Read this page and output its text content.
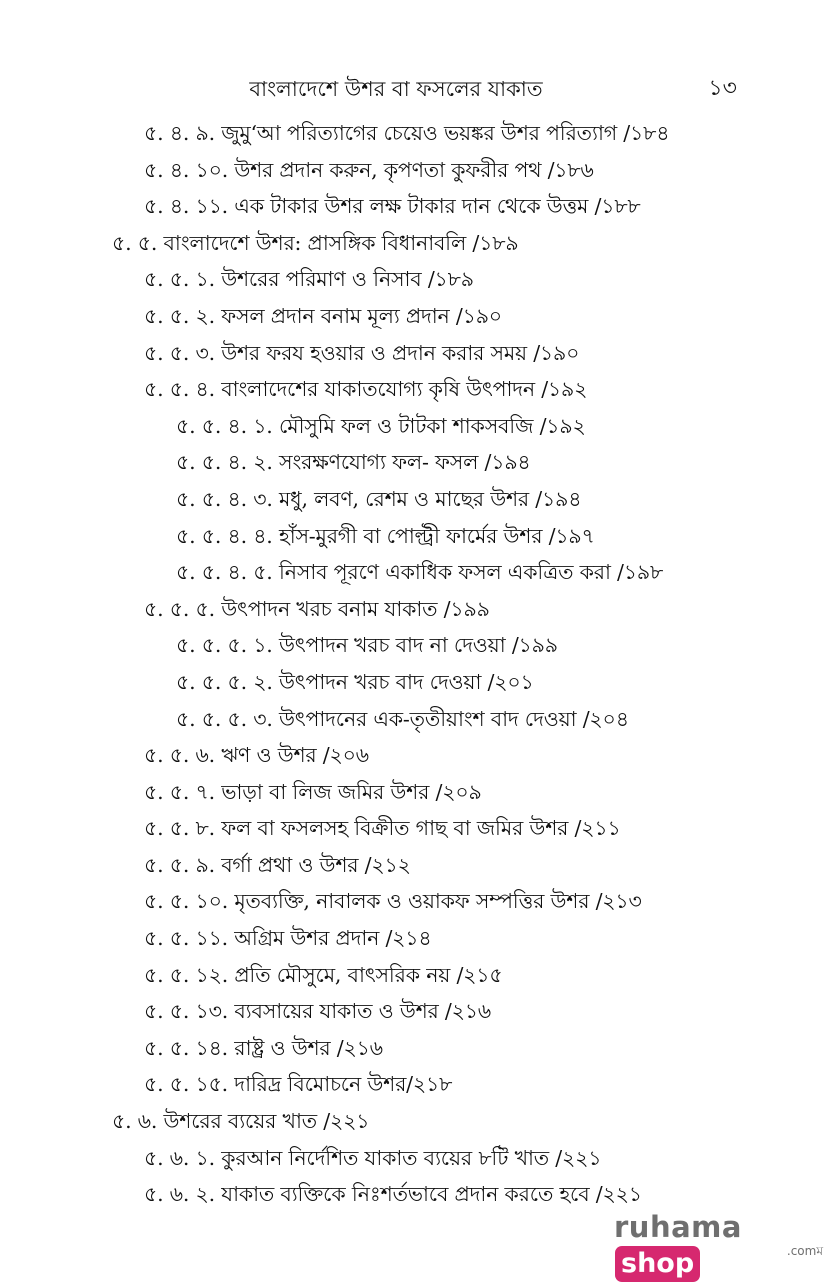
বাংলাদেশে উশর বা ফসলের যাকাত	১৩
৫. ৪. ৯. জুমু‘আ পরিত্যাগের চেয়েও ভয়ঙ্কর উশর পরিত্যাগ /১৮৪
৫. ৪. ১০. উশর প্রদান করুন, কৃপণতা কুফরীর পথ /১৮৬
৫. ৪. ১১. এক টাকার উশর লক্ষ টাকার দান থেকে উত্তম /১৮৮
৫. ৫. বাংলাদেশে উশর: প্রাসঙ্গিক বিধানাবলি /১৮৯
৫. ৫. ১. উশরের পরিমাণ ও নিসাব /১৮৯
৫. ৫. ২. ফসল প্রদান বনাম মূল্য প্রদান /১৯০
৫. ৫. ৩. উশর ফরয হওয়ার ও প্রদান করার সময় /১৯০
৫. ৫. ৪. বাংলাদেশের যাকাতযোগ্য কৃষি উৎপাদন /১৯২
৫. ৫. ৪. ১. মৌসুমি ফল ও টাটকা শাকসবজি /১৯২
৫. ৫. ৪. ২. সংরক্ষণযোগ্য ফল- ফসল /১৯৪
৫. ৫. ৪. ৩. মধু, লবণ, রেশম ও মাছের উশর /১৯৪
৫. ৫. ৪. ৪. হাঁস-মুরগী বা পোল্ট্রী ফার্মের উশর /১৯৭
৫. ৫. ৪. ৫. নিসাব পূরণে একাধিক ফসল একত্রিত করা /১৯৮
৫. ৫. ৫. উৎপাদন খরচ বনাম যাকাত /১৯৯
৫. ৫. ৫. ১. উৎপাদন খরচ বাদ না দেওয়া /১৯৯
৫. ৫. ৫. ২. উৎপাদন খরচ বাদ দেওয়া /২০১
৫. ৫. ৫. ৩. উৎপাদনের এক-তৃতীয়াংশ বাদ দেওয়া /২০৪
৫. ৫. ৬. ঋণ ও উশর /২০৬
৫. ৫. ৭. ভাড়া বা লিজ জমির উশর /২০৯
৫. ৫. ৮. ফল বা ফসলসহ বিক্রীত গাছ বা জমির উশর /২১১
৫. ৫. ৯. বর্গা প্রথা ও উশর /২১২
৫. ৫. ১০. মৃতব্যক্তি, নাবালক ও ওয়াকফ সম্পত্তির উশর /২১৩
৫. ৫. ১১. অগ্রিম উশর প্রদান /২১৪
৫. ৫. ১২. প্রতি মৌসুমে, বাৎসরিক নয় /২১৫
৫. ৫. ১৩. ব্যবসায়ের যাকাত ও উশর /২১৬
৫. ৫. ১৪. রাষ্ট্র ও উশর /২১৬
৫. ৫. ১৫. দারিদ্র বিমোচনে উশর/২১৮
৫. ৬. উশরের ব্যয়ের খাত /২২১
৫. ৬. ১. কুরআন নির্দেশিত যাকাত ব্যয়ের ৮টি খাত /২২১
৫. ৬. ২. যাকাত ব্যক্তিকে নিঃশর্তভাবে প্রদান করতে হবে /২২১
ruhamashop	.comম
